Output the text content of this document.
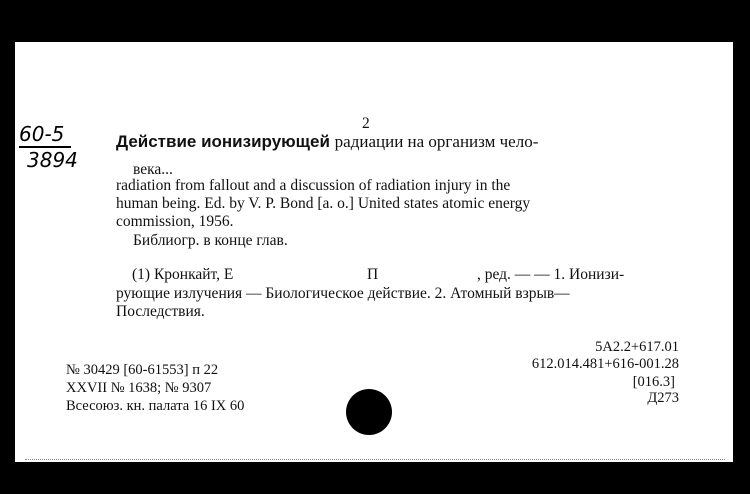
60-5
3894
2
Действие ионизирующей радиации на организм чело-
века...
radiation from fallout and a discussion of radiation injury in the
human being. Ed. by V. P. Bond [a. o.] United states atomic energy
commission, 1956.
Библиогр. в конце глав.
(1) Кронкайт, Е	П	, ред. — — 1. Ионизи-
рующие излучения — Биологическое действие. 2. Атомный взрыв—
Последствия.
5А2.2+617.01
612.014.481+616-001.28
[016.3]
Д273
№ 30429 [60-61553] п 22
XXVII № 1638; № 9307
Всесоюз. кн. палата 16 IX 60
